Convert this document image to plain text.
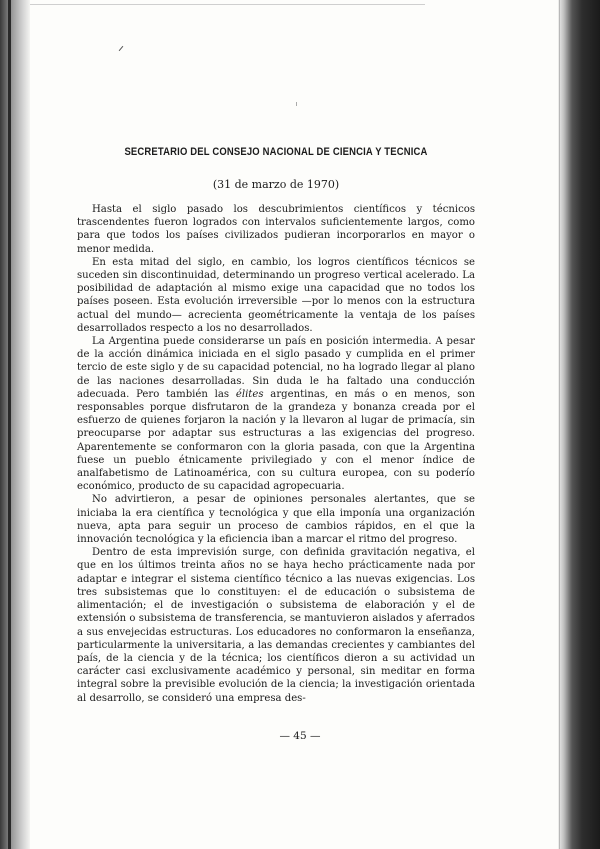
SECRETARIO DEL CONSEJO NACIONAL DE CIENCIA Y TECNICA
(31 de marzo de 1970)

Hasta el siglo pasado los descubrimientos científicos y técnicos trascendentes fueron logrados con intervalos suficientemente largos, como para que todos los países civilizados pudieran incorporarlos en mayor o menor medida.

En esta mitad del siglo, en cambio, los logros científicos técnicos se suceden sin discontinuidad, determinando un progreso vertical acelerado. La posibilidad de adaptación al mismo exige una capacidad que no todos los países poseen. Esta evolución irreversible —por lo menos con la estructura actual del mundo— acrecienta geométricamente la ventaja de los países desarrollados respecto a los no desarrollados.

La Argentina puede considerarse un país en posición intermedia. A pesar de la acción dinámica iniciada en el siglo pasado y cumplida en el primer tercio de este siglo y de su capacidad potencial, no ha logrado llegar al plano de las naciones desarrolladas. Sin duda le ha faltado una conducción adecuada. Pero también las élites argentinas, en más o en menos, son responsables porque disfrutaron de la grandeza y bonanza creada por el esfuerzo de quienes forjaron la nación y la llevaron al lugar de primacía, sin preocuparse por adaptar sus estructuras a las exigencias del progreso. Aparentemente se conformaron con la gloria pasada, con que la Argentina fuese un pueblo étnicamente privilegiado y con el menor índice de analfabetismo de Latinoamérica, con su cultura europea, con su poderío económico, producto de su capacidad agropecuaria.

No advirtieron, a pesar de opiniones personales alertantes, que se iniciaba la era científica y tecnológica y que ella imponía una organización nueva, apta para seguir un proceso de cambios rápidos, en el que la innovación tecnológica y la eficiencia iban a marcar el ritmo del progreso.

Dentro de esta imprevisión surge, con definida gravitación negativa, el que en los últimos treinta años no se haya hecho prácticamente nada por adaptar e integrar el sistema científico técnico a las nuevas exigencias. Los tres subsistemas que lo constituyen: el de educación o subsistema de alimentación; el de investigación o subsistema de elaboración y el de extensión o subsistema de transferencia, se mantuvieron aislados y aferrados a sus envejecidas estructuras. Los educadores no conformaron la enseñanza, particularmente la universitaria, a las demandas crecientes y cambiantes del país, de la ciencia y de la técnica; los científicos dieron a su actividad un carácter casi exclusivamente académico y personal, sin meditar en forma integral sobre la previsible evolución de la ciencia; la investigación orientada al desarrollo, se consideró una empresa des-

— 45 —
